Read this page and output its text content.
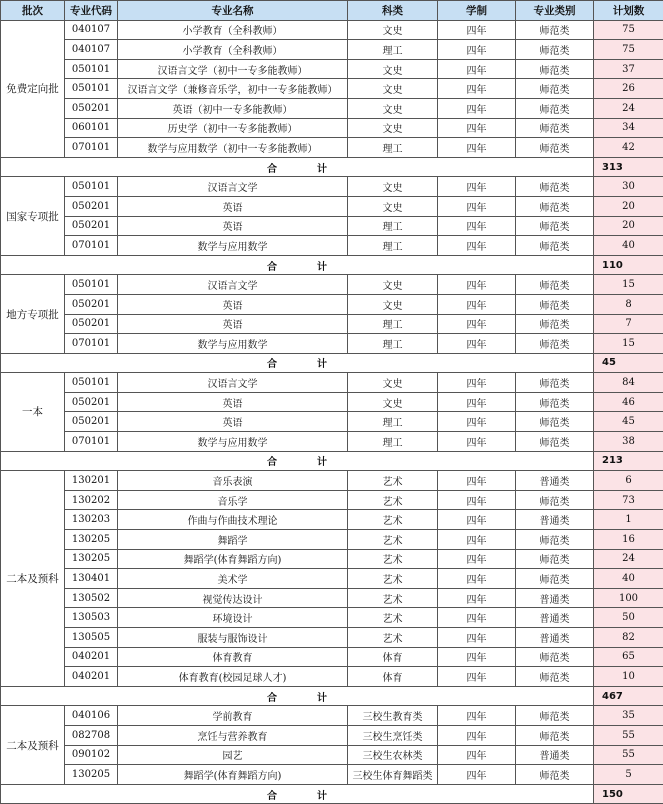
批次	专业代码	专业名称	科类	学制	专业类别	计划数
免费定向批	040107	小学教育（全科教师）	文史	四年	师范类	75
	040107	小学教育（全科教师）	理工	四年	师范类	75
	050101	汉语言文学（初中一专多能教师）	文史	四年	师范类	37
	050101	汉语言文学（兼修音乐学，初中一专多能教师）	文史	四年	师范类	26
	050201	英语（初中一专多能教师）	文史	四年	师范类	24
	060101	历史学（初中一专多能教师）	文史	四年	师范类	34
	070101	数学与应用数学（初中一专多能教师）	理工	四年	师范类	42
合　　　　计						313
国家专项批	050101	汉语言文学	文史	四年	师范类	30
	050201	英语	文史	四年	师范类	20
	050201	英语	理工	四年	师范类	20
	070101	数学与应用数学	理工	四年	师范类	40
合　　　　计						110
地方专项批	050101	汉语言文学	文史	四年	师范类	15
	050201	英语	文史	四年	师范类	8
	050201	英语	理工	四年	师范类	7
	070101	数学与应用数学	理工	四年	师范类	15
合　　　　计						45
一本	050101	汉语言文学	文史	四年	师范类	84
	050201	英语	文史	四年	师范类	46
	050201	英语	理工	四年	师范类	45
	070101	数学与应用数学	理工	四年	师范类	38
合　　　　计						213
二本及预科	130201	音乐表演	艺术	四年	普通类	6
	130202	音乐学	艺术	四年	师范类	73
	130203	作曲与作曲技术理论	艺术	四年	普通类	1
	130205	舞蹈学	艺术	四年	师范类	16
	130205	舞蹈学(体育舞蹈方向)	艺术	四年	师范类	24
	130401	美术学	艺术	四年	师范类	40
	130502	视觉传达设计	艺术	四年	普通类	100
	130503	环境设计	艺术	四年	普通类	50
	130505	服装与服饰设计	艺术	四年	普通类	82
	040201	体育教育	体育	四年	师范类	65
	040201	体育教育(校园足球人才)	体育	四年	师范类	10
合　　　　计						467
二本及预科	040106	学前教育	三校生教育类	四年	师范类	35
	082708	烹饪与营养教育	三校生烹饪类	四年	师范类	55
	090102	园艺	三校生农林类	四年	普通类	55
	130205	舞蹈学(体育舞蹈方向)	三校生体育舞蹈类	四年	师范类	5
合　　　　计						150
